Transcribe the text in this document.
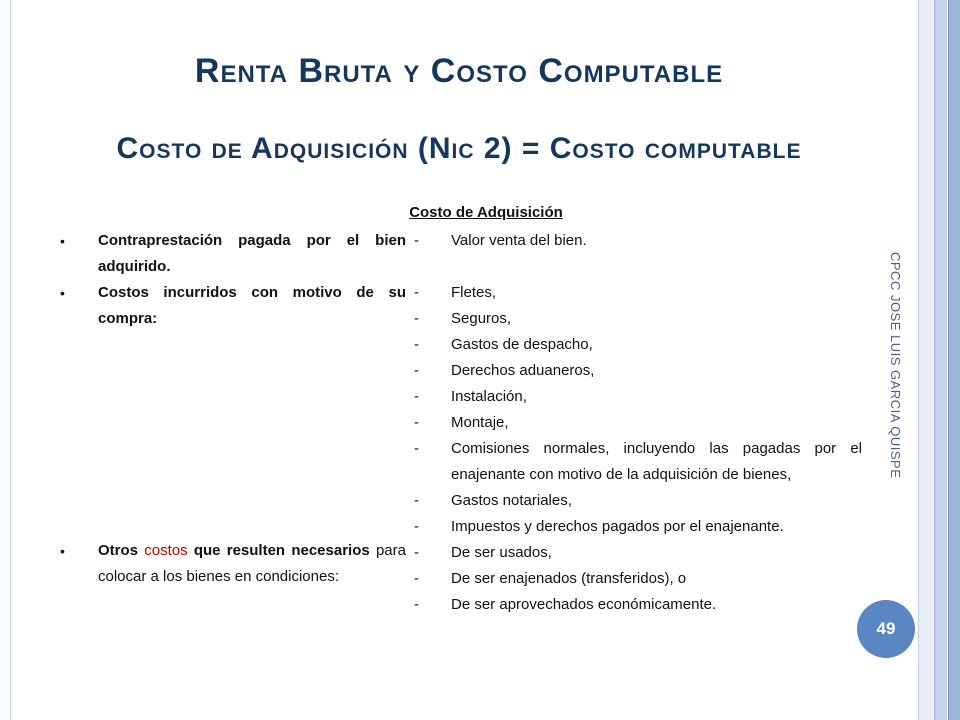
Renta Bruta y Costo Computable
Costo de Adquisición (Nic 2) = Costo computable
Costo de Adquisición
•	Contraprestación pagada por el bien adquirido.
•	Costos incurridos con motivo de su compra:
•	Otros costos que resulten necesarios para colocar a los bienes en condiciones:
-
-
-
-
-
-
-
-
-
-
-
-
-
Valor venta del bien.
Fletes,
Seguros,
Gastos de despacho,
Derechos aduaneros,
Instalación,
Montaje,
Comisiones normales, incluyendo las pagadas por el enajenante con motivo de la adquisición de bienes,
Gastos notariales,
Impuestos y derechos pagados por el enajenante.
De ser usados,
De ser enajenados (transferidos), o
De ser aprovechados económicamente.
CPCC JOSE LUIS GARCIA QUISPE
49
